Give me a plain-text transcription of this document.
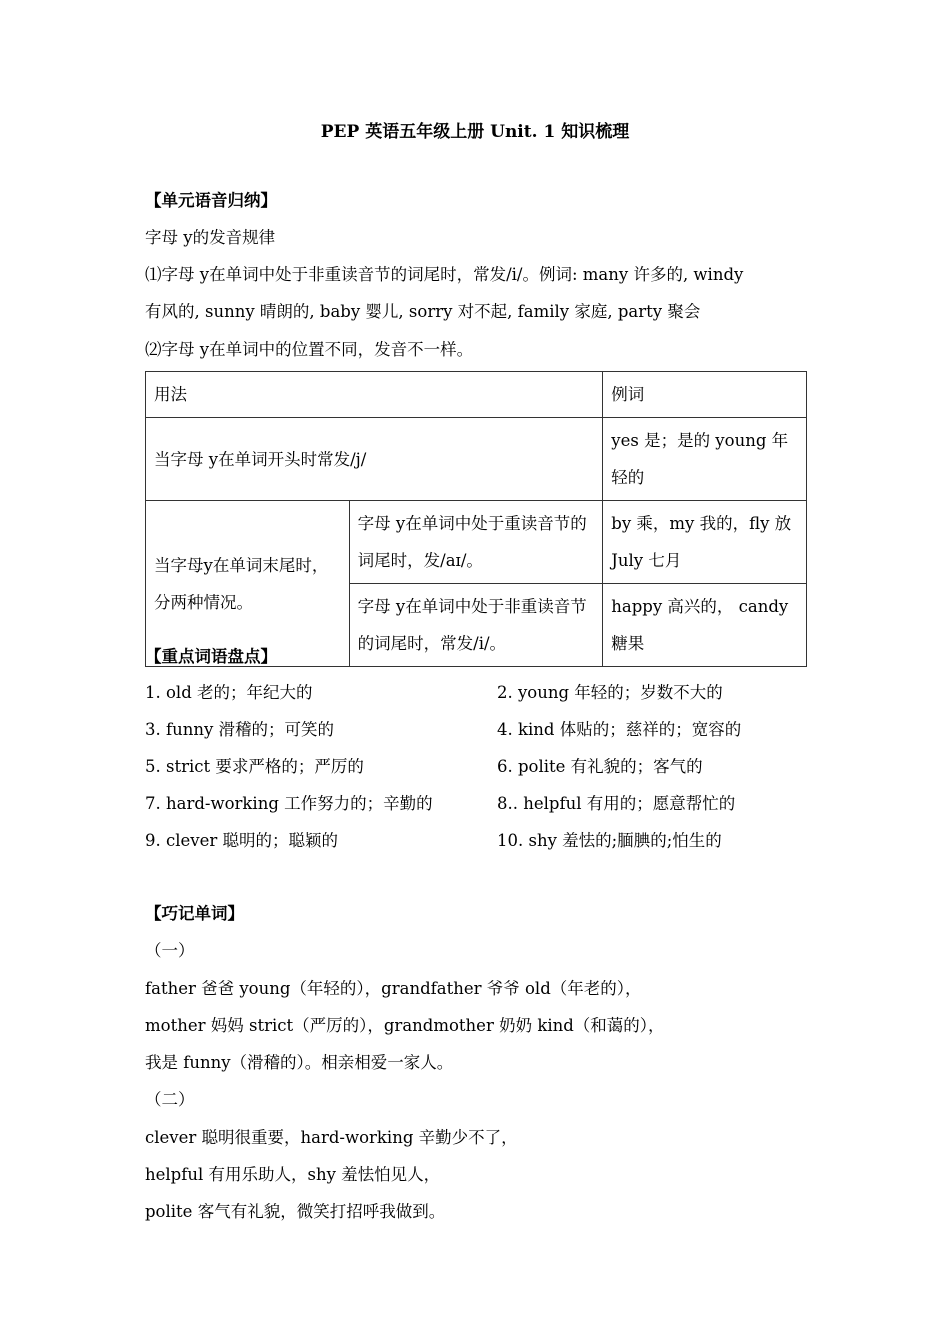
PEP 英语五年级上册 Unit. 1 知识梳理
【单元语音归纳】
字母 y的发音规律
⑴字母 y在单词中处于非重读音节的词尾时，常发/i/。例词: many 许多的, windy
有风的, sunny 晴朗的, baby 婴儿, sorry 对不起, family 家庭, party 聚会
⑵字母 y在单词中的位置不同，发音不一样。
用法		例词
当字母 y在单词开头时常发/j/		yes 是；是的 young 年轻的
当字母y在单词末尾时，分两种情况。	字母 y在单词中处于重读音节的词尾时，发/aɪ/。	by 乘，my 我的，fly 放 July 七月
	字母 y在单词中处于非重读音节的词尾时，常发/i/。	happy 高兴的， candy 糖果
【重点词语盘点】
1. old 老的；年纪大的	2. young 年轻的；岁数不大的
3. funny 滑稽的；可笑的	4. kind 体贴的；慈祥的；宽容的
5. strict 要求严格的；严厉的	6. polite 有礼貌的；客气的
7. hard-working 工作努力的；辛勤的	8.. helpful 有用的；愿意帮忙的
9. clever 聪明的；聪颖的	10. shy 羞怯的;腼腆的;怕生的
【巧记单词】
（一）
father 爸爸 young（年轻的），grandfather 爷爷 old（年老的），
mother 妈妈 strict（严厉的），grandmother 奶奶 kind（和蔼的），
我是 funny（滑稽的）。相亲相爱一家人。
（二）
clever 聪明很重要，hard-working 辛勤少不了，
helpful 有用乐助人，shy 羞怯怕见人，
polite 客气有礼貌，微笑打招呼我做到。
